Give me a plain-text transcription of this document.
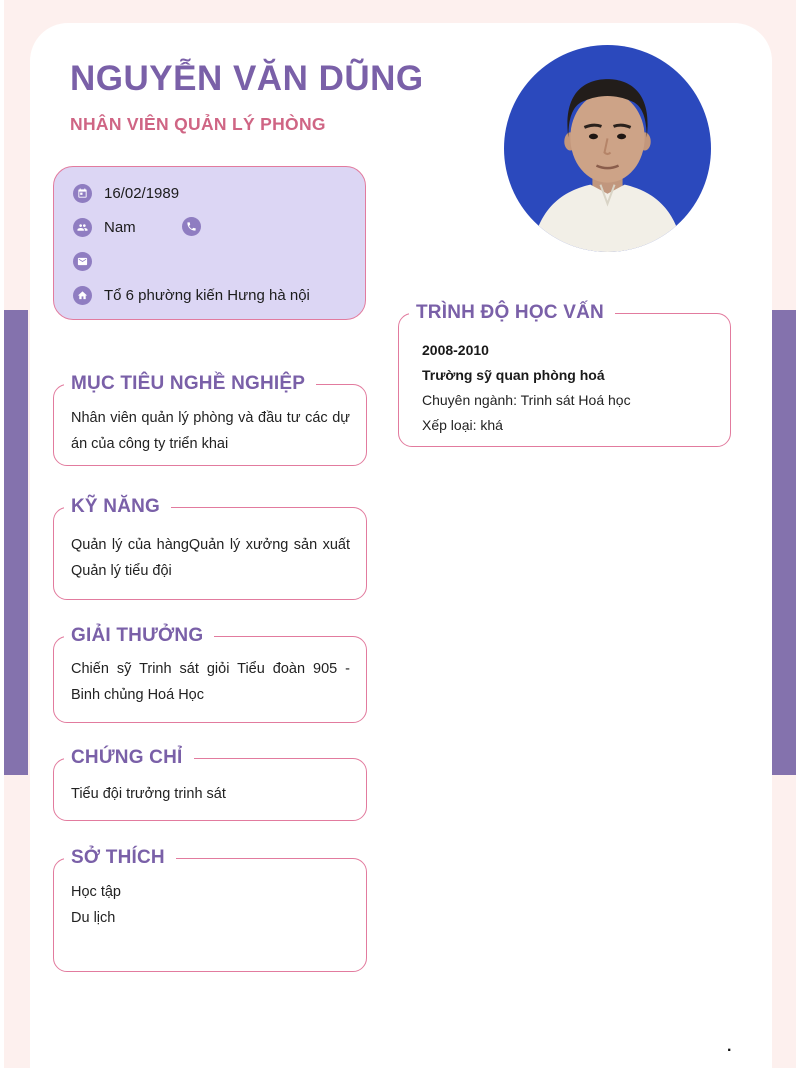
NGUYỄN VĂN DŨNG
NHÂN VIÊN QUẢN LÝ PHÒNG
16/02/1989
Nam
Tổ 6 phường kiến Hưng hà nội
TRÌNH ĐỘ HỌC VẤN
2008-2010
Trường sỹ quan phòng hoá
Chuyên ngành: Trinh sát Hoá học
Xếp loại: khá
MỤC TIÊU NGHỀ NGHIỆP
Nhân viên quản lý phòng và đầu tư các dự án của công ty triển khai
KỸ NĂNG
Quản lý của hàngQuản lý xưởng sản xuất Quản lý tiểu đội
GIẢI THƯỞNG
Chiến sỹ Trinh sát giỏi Tiểu đoàn 905 - Binh chủng Hoá Học
CHỨNG CHỈ
Tiểu đội trưởng trinh sát
SỞ THÍCH
Học tập
Du lịch
.
